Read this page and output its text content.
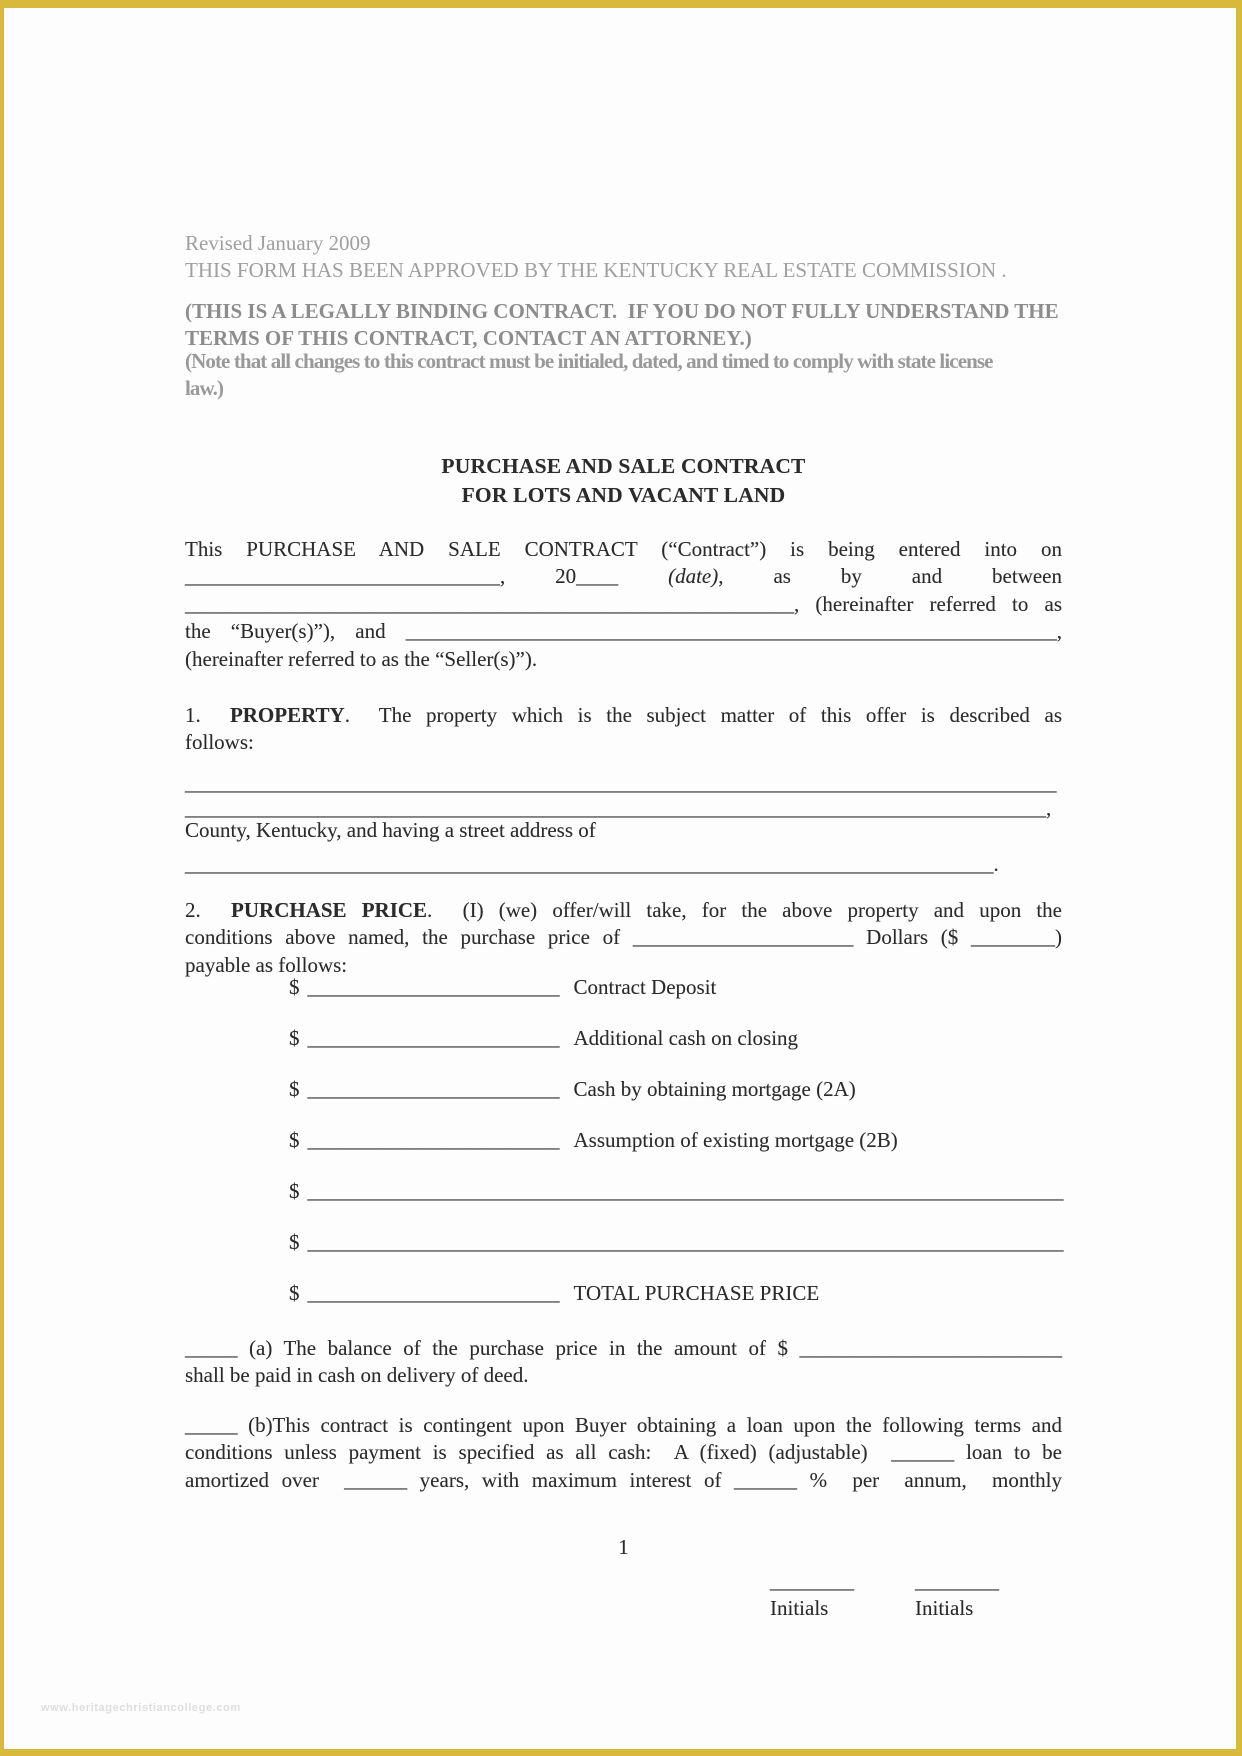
Revised January 2009
THIS FORM HAS BEEN APPROVED BY THE KENTUCKY REAL ESTATE COMMISSION .
(THIS IS A LEGALLY BINDING CONTRACT.  IF YOU DO NOT FULLY UNDERSTAND THE
TERMS OF THIS CONTRACT, CONTACT AN ATTORNEY.)
(Note that all changes to this contract must be initialed, dated, and timed to comply with state license
law.)
PURCHASE AND SALE CONTRACT
FOR LOTS AND VACANT LAND
This PURCHASE AND SALE CONTRACT (“Contract”) is being entered into on
______________________________, 20____ (date), as by and between
__________________________________________________________, (hereinafter referred to as
the “Buyer(s)”), and ______________________________________________________________,
(hereinafter referred to as the “Seller(s)”).
1.  PROPERTY.  The property which is the subject matter of this offer is described as
follows:
___________________________________________________________________________________
__________________________________________________________________________________,
County, Kentucky, and having a street address of
_____________________________________________________________________________.
2.  PURCHASE PRICE.  (I) (we) offer/will take, for the above property and upon the
conditions above named, the purchase price of _____________________ Dollars ($ ________)
payable as follows:
$ ________________________ Contract Deposit
$ ________________________ Additional cash on closing
$ ________________________ Cash by obtaining mortgage (2A)
$ ________________________ Assumption of existing mortgage (2B)
$ ________________________________________________________________________
$ ________________________________________________________________________
$ ________________________ TOTAL PURCHASE PRICE
_____ (a) The balance of the purchase price in the amount of $ _________________________
shall be paid in cash on delivery of deed.
_____ (b)This contract is contingent upon Buyer obtaining a loan upon the following terms and
conditions unless payment is specified as all cash:  A (fixed) (adjustable)  ______ loan to be
amortized over  ______ years, with maximum interest of ______ %  per  annum,  monthly
1
________
Initials
________
Initials
www.heritagechristiancollege.com
